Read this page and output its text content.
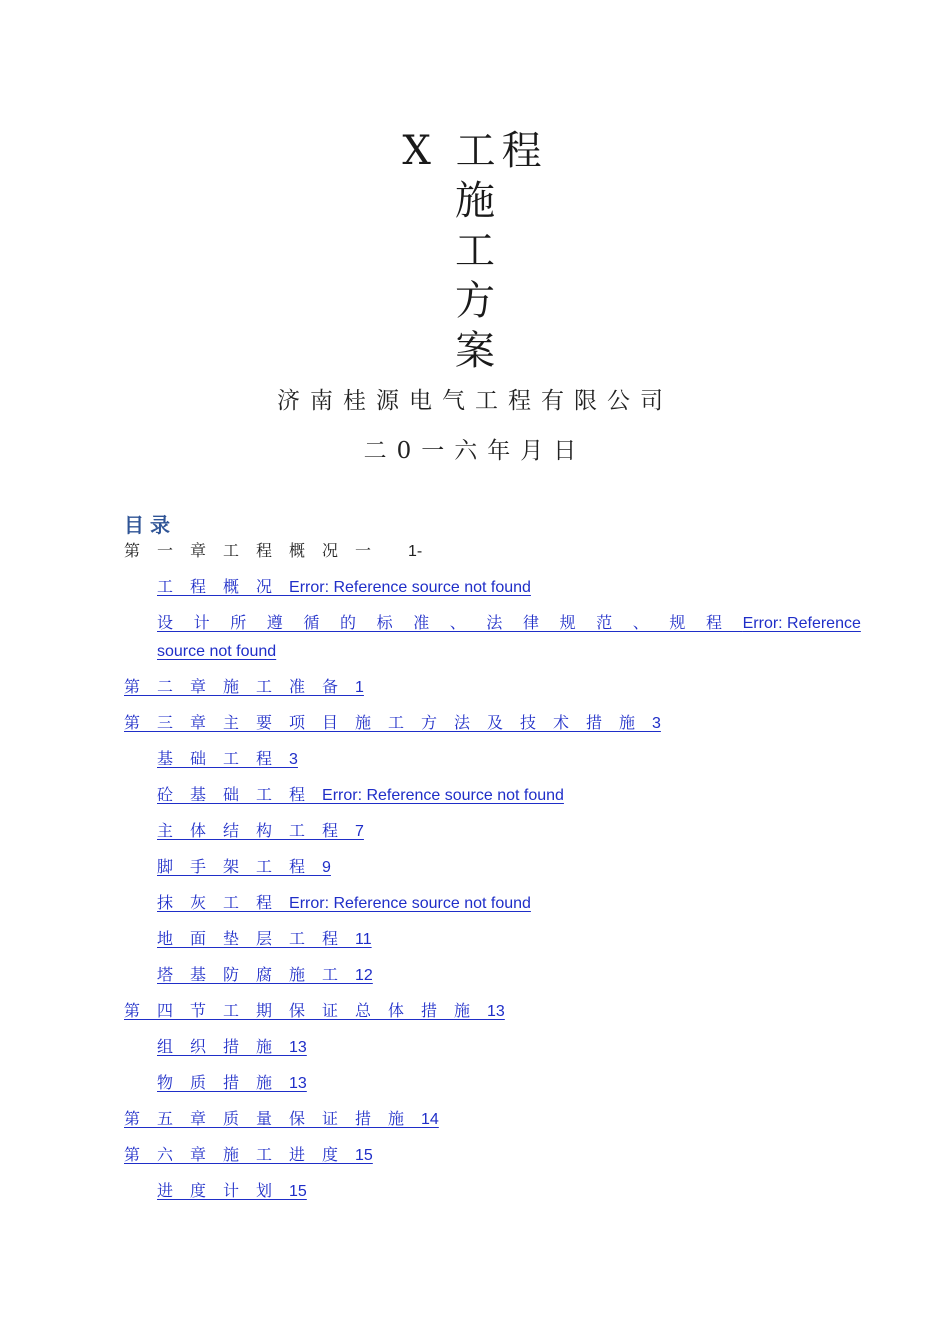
X 工程
施
工
方
案
济南桂源电气工程有限公司
二0一六年月日
目录
第一章工程概况一 1-
工程概况Error: Reference source not found
设计所遵循的标准、法律规范、规程Error: Reference
source not found
第二章施工准备1
第三章主要项目施工方法及技术措施3
基础工程3
砼基础工程Error: Reference source not found
主体结构工程7
脚手架工程9
抹灰工程Error: Reference source not found
地面垫层工程11
塔基防腐施工12
第四节工期保证总体措施13
组织措施13
物质措施13
第五章质量保证措施14
第六章施工进度15
进度计划15
